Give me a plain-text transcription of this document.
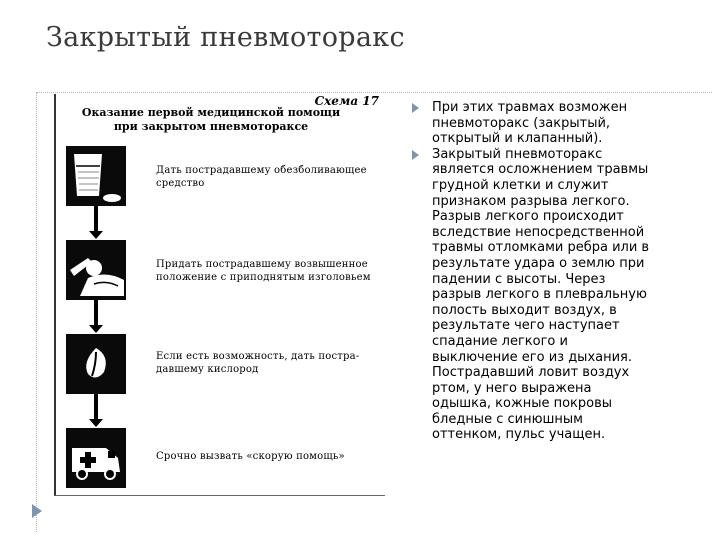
Закрытый пневмоторакс
Схема 17
Оказание первой медицинской помощи
при закрытом пневмотораксе
Дать пострадавшему обезболивающее
средство
Придать пострадавшему возвышенное
положение с приподнятым изголовьем
Если есть возможность, дать постра-
давшему кислород
Срочно вызвать «скорую помощь»
При этих травмах возможен
пневмоторакс (закрытый,
открытый и клапанный).
Закрытый пневмоторакс
является осложнением травмы
грудной клетки и служит
признаком разрыва легкого.
Разрыв легкого происходит
вследствие непосредственной
травмы отломками ребра или в
результате удара о землю при
падении с высоты. Через
разрыв легкого в плевральную
полость выходит воздух, в
результате чего наступает
спадание легкого и
выключение его из дыхания.
Пострадавший ловит воздух
ртом, у него выражена
одышка, кожные покровы
бледные с синюшным
оттенком, пульс учащен.
